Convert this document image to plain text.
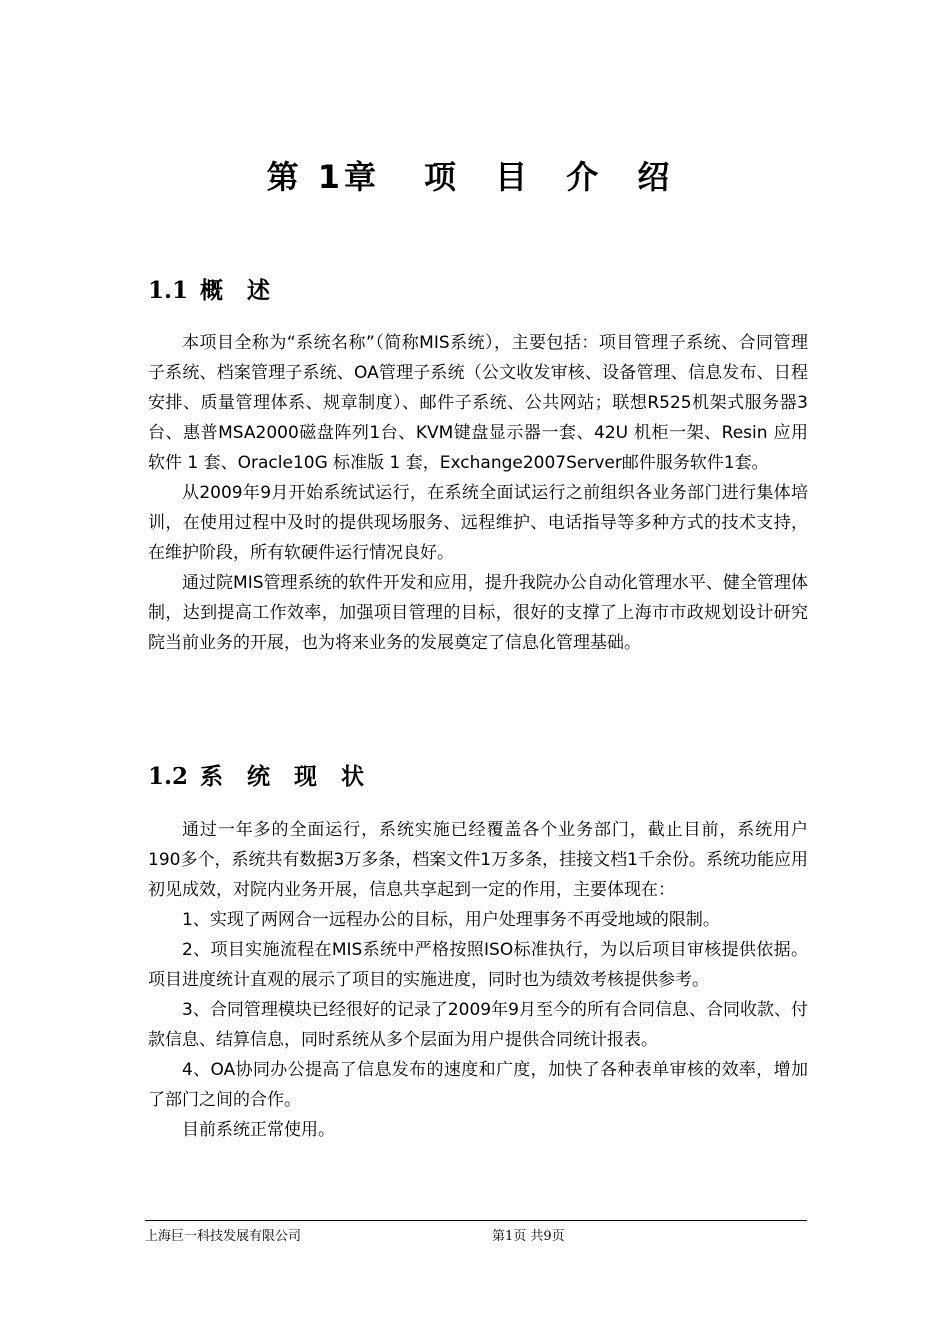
第 1章 项 目 介 绍
1.1 概 述

本项目全称为“系统名称”（简称MIS系统），主要包括：项目管理子系统、合同管理子系统、档案管理子系统、OA管理子系统（公文收发审核、设备管理、信息发布、日程安排、质量管理体系、规章制度）、邮件子系统、公共网站；联想R525机架式服务器3台、惠普MSA2000磁盘阵列1台、KVM键盘显示器一套、42U 机柜一架、Resin 应用软件 1 套、Oracle10G 标准版 1 套，Exchange2007Server邮件服务软件1套。

从2009年9月开始系统试运行，在系统全面试运行之前组织各业务部门进行集体培训，在使用过程中及时的提供现场服务、远程维护、电话指导等多种方式的技术支持，在维护阶段，所有软硬件运行情况良好。

通过院MIS管理系统的软件开发和应用，提升我院办公自动化管理水平、健全管理体制，达到提高工作效率，加强项目管理的目标，很好的支撑了上海市市政规划设计研究院当前业务的开展，也为将来业务的发展奠定了信息化管理基础。

1.2 系 统 现 状

通过一年多的全面运行，系统实施已经覆盖各个业务部门，截止目前，系统用户190多个，系统共有数据3万多条，档案文件1万多条，挂接文档1千余份。系统功能应用初见成效，对院内业务开展，信息共享起到一定的作用，主要体现在：

1、实现了两网合一远程办公的目标，用户处理事务不再受地域的限制。

2、项目实施流程在MIS系统中严格按照ISO标准执行，为以后项目审核提供依据。项目进度统计直观的展示了项目的实施进度，同时也为绩效考核提供参考。

3、合同管理模块已经很好的记录了2009年9月至今的所有合同信息、合同收款、付款信息、结算信息，同时系统从多个层面为用户提供合同统计报表。

4、OA协同办公提高了信息发布的速度和广度，加快了各种表单审核的效率，增加了部门之间的合作。

目前系统正常使用。

上海巨一科技发展有限公司	第1页 共9页
